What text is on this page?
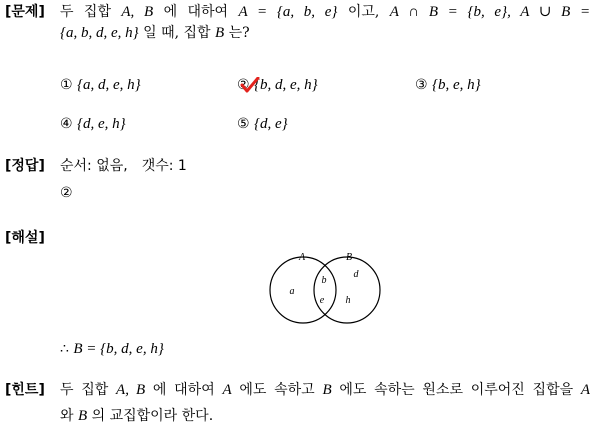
[문제] 두 집합 A, B 에 대하여 A = {a, b, e} 이고, A ∩ B = {b, e}, A ∪ B =
{a, b, d, e, h} 일 때, 집합 B 는?
① {a, d, e, h}	② {b, d, e, h}	③ {b, e, h}
④ {d, e, h}	⑤ {d, e}
[정답] 순서: 없음, 갯수: 1
②
[해설]
A	B
a
b
e
d
h
∴ B = {b, d, e, h}
[힌트] 두 집합 A, B 에 대하여 A 에도 속하고 B 에도 속하는 원소로 이루어진 집합을 A
와 B 의 교집합이라 한다.
